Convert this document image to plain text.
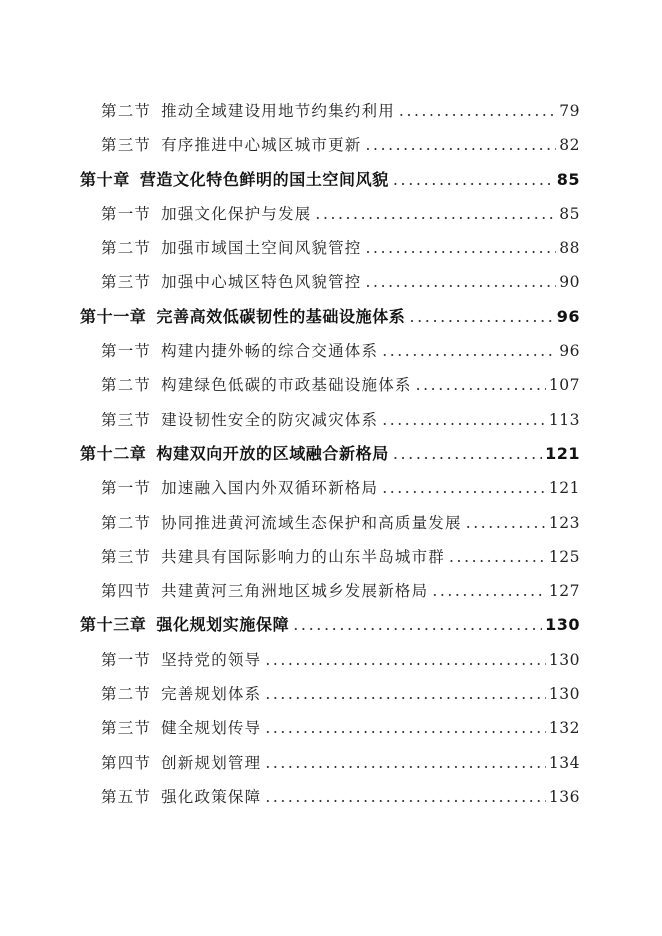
第二节 推动全域建设用地节约集约利用 .....	79
第三节 有序推进中心城区城市更新 .....	82
第十章 营造文化特色鲜明的国土空间风貌 .....	85
第一节 加强文化保护与发展 .....	85
第二节 加强市域国土空间风貌管控 .....	88
第三节 加强中心城区特色风貌管控 .....	90
第十一章 完善高效低碳韧性的基础设施体系 .....	96
第一节 构建内捷外畅的综合交通体系 .....	96
第二节 构建绿色低碳的市政基础设施体系 .....	107
第三节 建设韧性安全的防灾减灾体系 .....	113
第十二章 构建双向开放的区域融合新格局 .....	121
第一节 加速融入国内外双循环新格局 .....	121
第二节 协同推进黄河流域生态保护和高质量发展 .....	123
第三节 共建具有国际影响力的山东半岛城市群 .....	125
第四节 共建黄河三角洲地区城乡发展新格局 .....	127
第十三章 强化规划实施保障 .....	130
第一节 坚持党的领导 .....	130
第二节 完善规划体系 .....	130
第三节 健全规划传导 .....	132
第四节 创新规划管理 .....	134
第五节 强化政策保障 .....	136
